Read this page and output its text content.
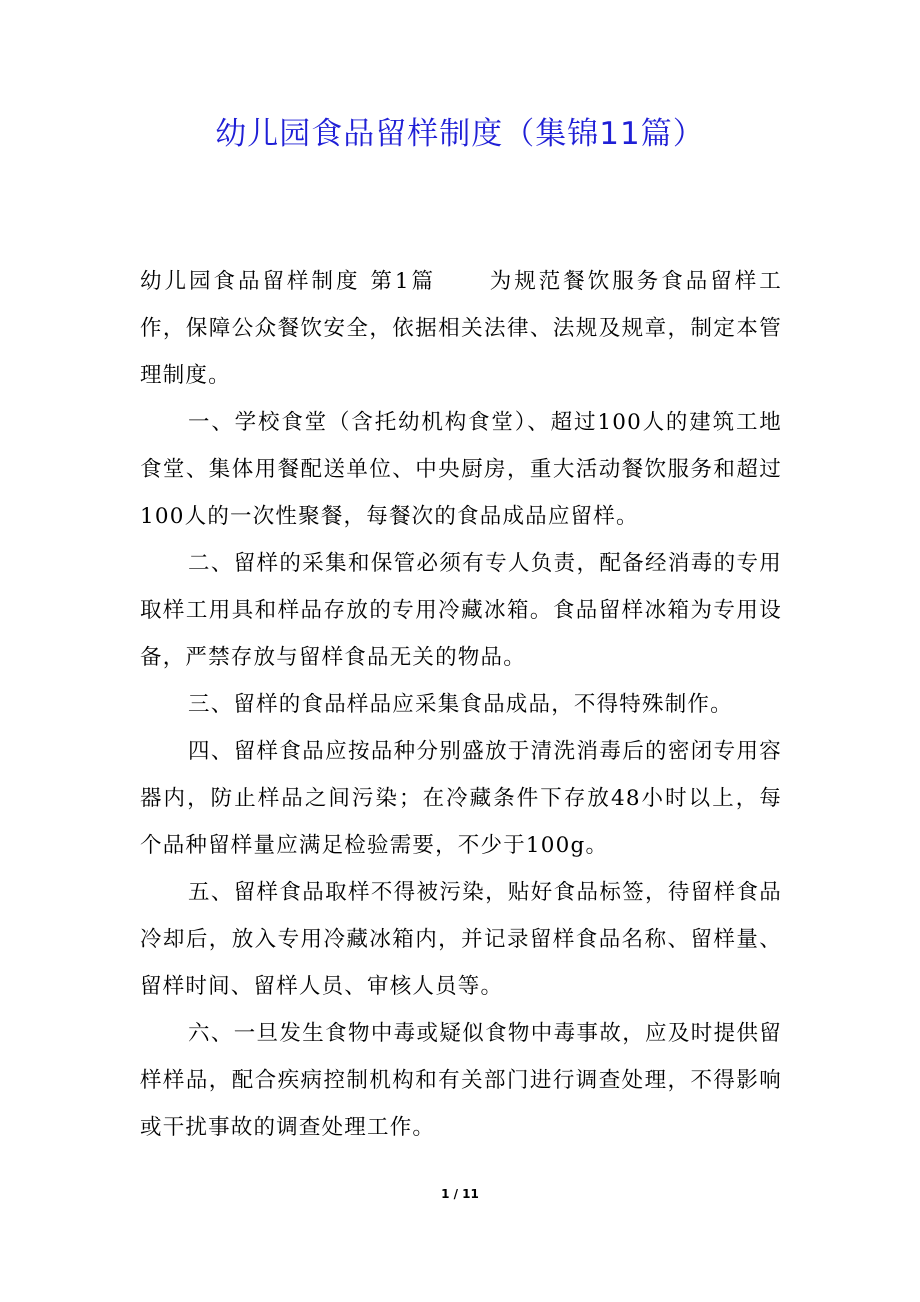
幼儿园食品留样制度（集锦11篇）

幼儿园食品留样制度 第1篇 为规范餐饮服务食品留样工作，保障公众餐饮安全，依据相关法律、法规及规章，制定本管理制度。

一、学校食堂（含托幼机构食堂）、超过100人的建筑工地食堂、集体用餐配送单位、中央厨房，重大活动餐饮服务和超过100人的一次性聚餐，每餐次的食品成品应留样。

二、留样的采集和保管必须有专人负责，配备经消毒的专用取样工用具和样品存放的专用冷藏冰箱。食品留样冰箱为专用设备，严禁存放与留样食品无关的物品。

三、留样的食品样品应采集食品成品，不得特殊制作。

四、留样食品应按品种分别盛放于清洗消毒后的密闭专用容器内，防止样品之间污染；在冷藏条件下存放48小时以上，每个品种留样量应满足检验需要，不少于100g。

五、留样食品取样不得被污染，贴好食品标签，待留样食品冷却后，放入专用冷藏冰箱内，并记录留样食品名称、留样量、留样时间、留样人员、审核人员等。

六、一旦发生食物中毒或疑似食物中毒事故，应及时提供留样样品，配合疾病控制机构和有关部门进行调查处理，不得影响或干扰事故的调查处理工作。

1 / 11
